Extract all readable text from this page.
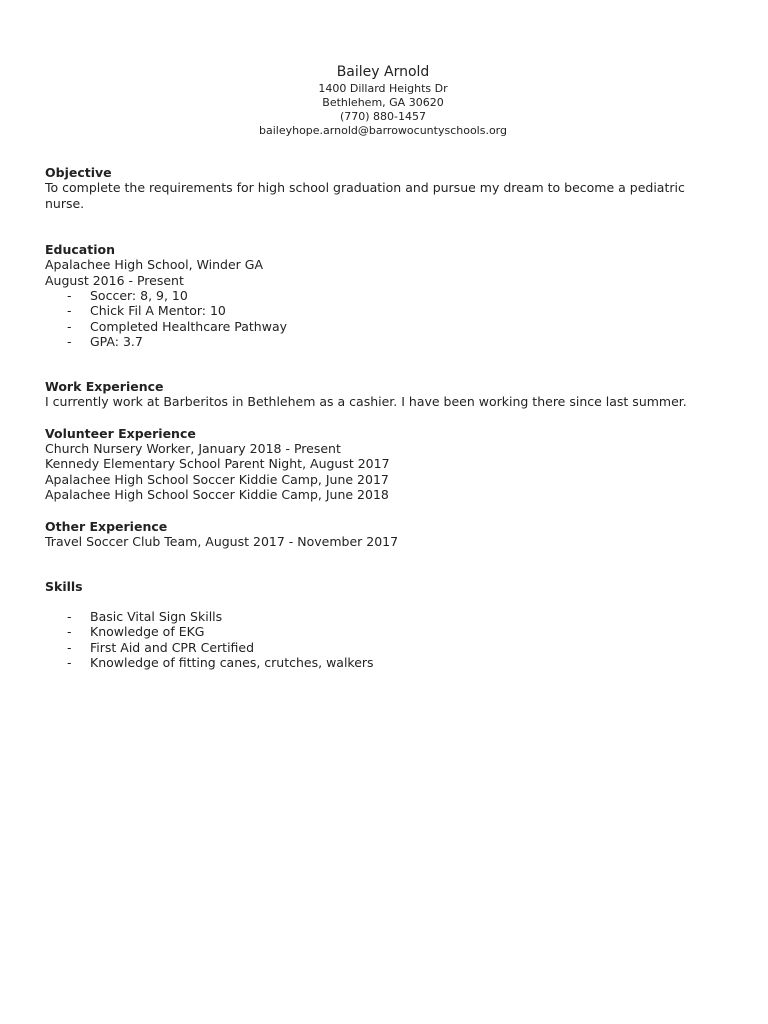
Bailey Arnold
1400 Dillard Heights Dr
Bethlehem, GA 30620
(770) 880-1457
baileyhope.arnold@barrowocuntyschools.org
Objective

To complete the requirements for high school graduation and pursue my dream to become a pediatric nurse.

Education
Apalachee High School, Winder GA
August 2016 - Present
- Soccer: 8, 9, 10
- Chick Fil A Mentor: 10
- Completed Healthcare Pathway
- GPA: 3.7
Work Experience

I currently work at Barberitos in Bethlehem as a cashier. I have been working there since last summer.

Volunteer Experience
Church Nursery Worker, January 2018 - Present
Kennedy Elementary School Parent Night, August 2017
Apalachee High School Soccer Kiddie Camp, June 2017
Apalachee High School Soccer Kiddie Camp, June 2018
Other Experience
Travel Soccer Club Team, August 2017 - November 2017
Skills
- Basic Vital Sign Skills
- Knowledge of EKG
- First Aid and CPR Certified
- Knowledge of fitting canes, crutches, walkers
